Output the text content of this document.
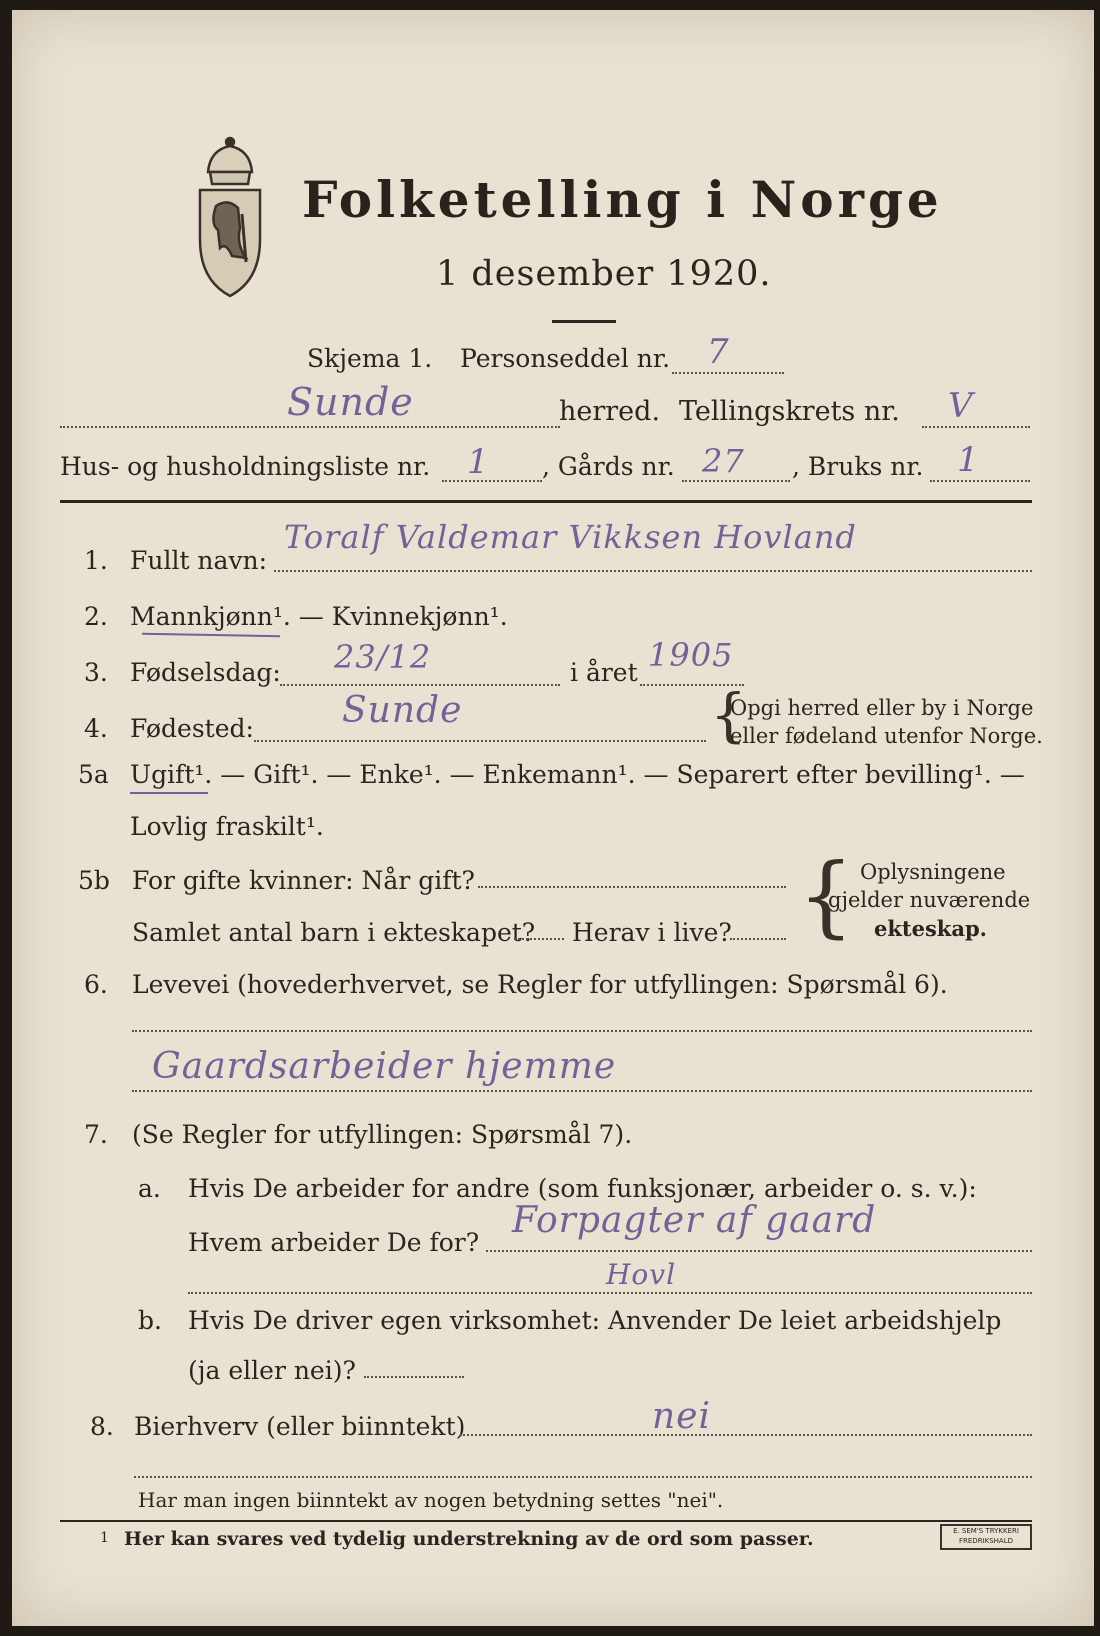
Folketelling i Norge
1 desember 1920.
Skjema 1. Personseddel nr. 7
Sunde	herred. Tellingskrets nr. V
Hus- og husholdningsliste nr. 1 , Gårds nr. 27 , Bruks nr. 1
1. Fullt navn:
Toralf Valdemar Vikksen Hovland
2. Mannkjønn¹. — Kvinnekjønn¹.
3. Fødselsdag: 23/12	i året 1905
4. Fødested: Sunde	{
Opgi herred eller by i Norge
eller fødeland utenfor Norge.
5a Ugift¹. — Gift¹. — Enke¹. — Enkemann¹. — Separert efter bevilling¹. —
Lovlig fraskilt¹.
5b For gifte kvinner: Når gift?
Samlet antal barn i ekteskapet? Herav i live? { Oplysningene
gjelder nuværende
ekteskap.
6. Levevei (hovederhvervet, se Regler for utfyllingen: Spørsmål 6).
Gaardsarbeider hjemme
7. (Se Regler for utfyllingen: Spørsmål 7).
a. Hvis De arbeider for andre (som funksjonær, arbeider o. s. v.):
Hvem arbeider De for?
Forpagter af gaard
Hovl
b. Hvis De driver egen virksomhet: Anvender De leiet arbeidshjelp
(ja eller nei)?
8. Bierhverv (eller biinntekt)	nei
Har man ingen biinntekt av nogen betydning settes "nei".
1 Her kan svares ved tydelig understrekning av de ord som passer.	E. SEM'S TRYKKERI FREDRIKSHALD
